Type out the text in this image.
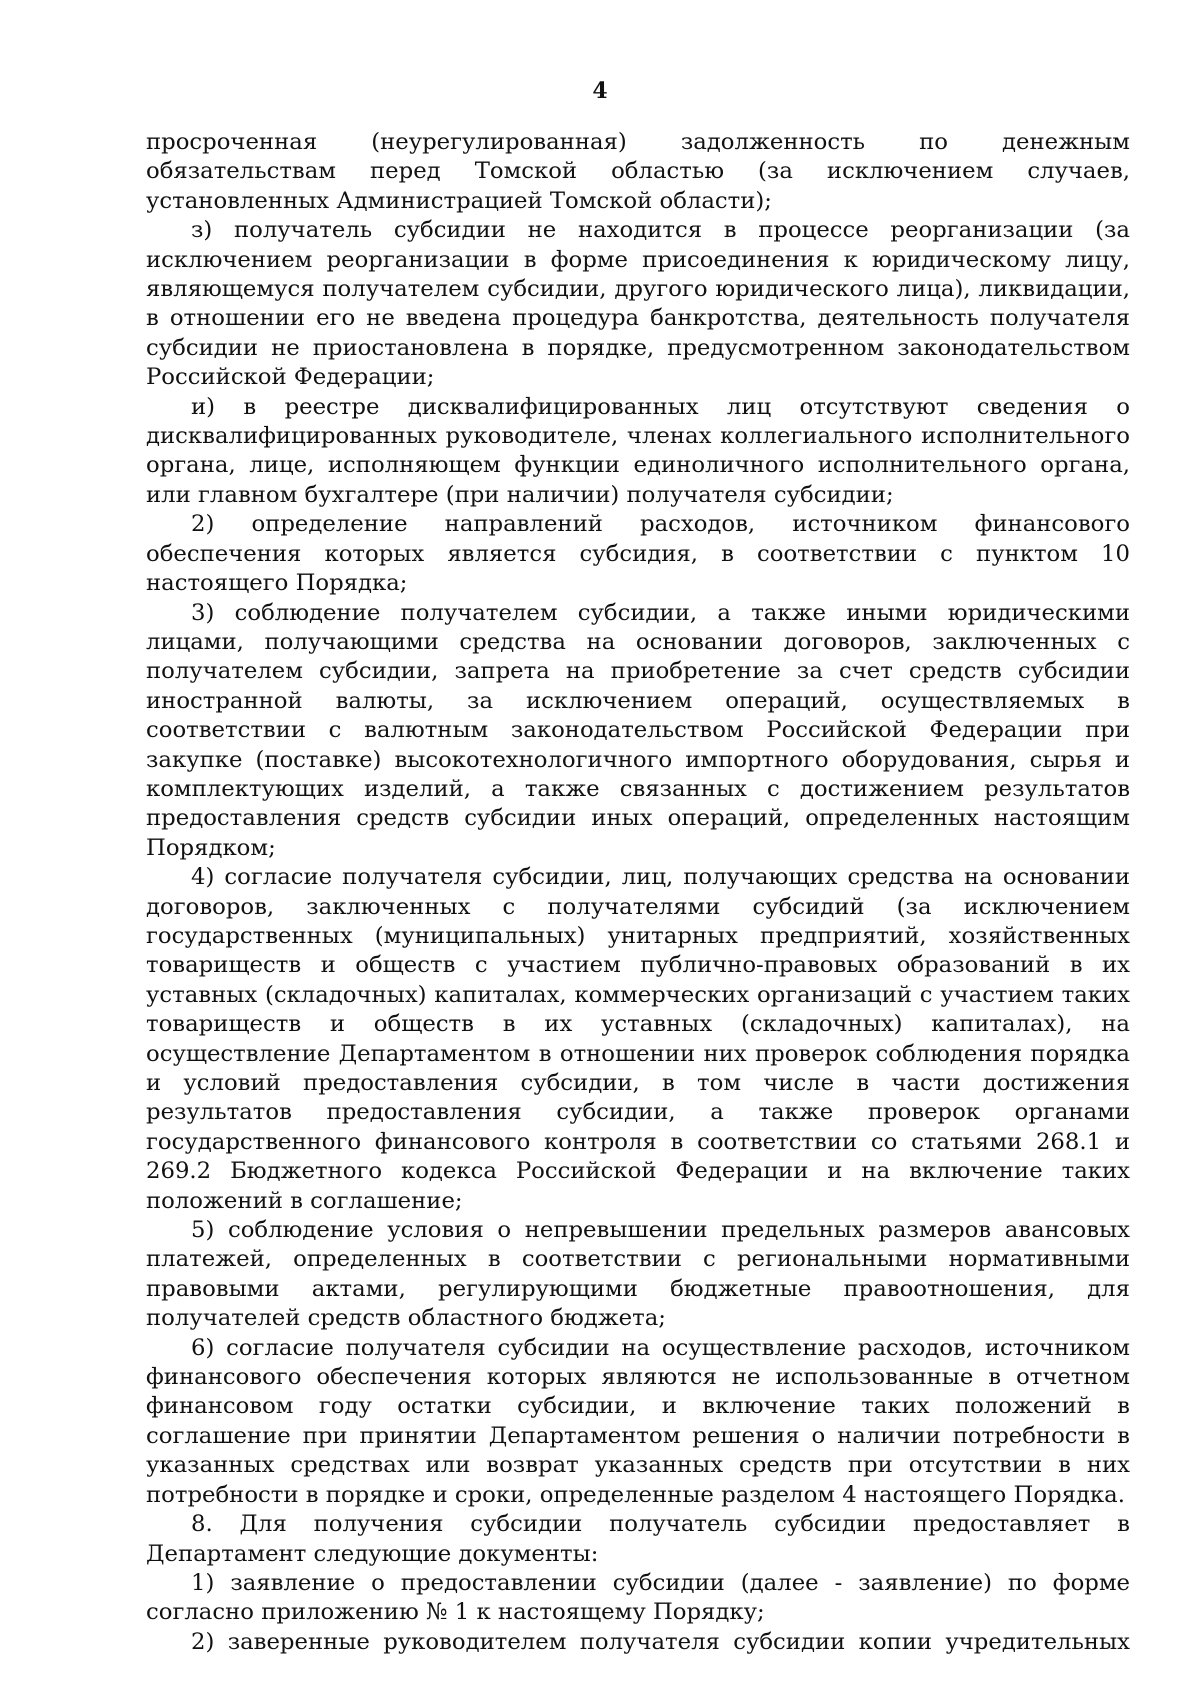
4

просроченная (неурегулированная) задолженность по денежным обязательствам перед Томской областью (за исключением случаев, установленных Администрацией Томской области);

з) получатель субсидии не находится в процессе реорганизации (за исключением реорганизации в форме присоединения к юридическому лицу, являющемуся получателем субсидии, другого юридического лица), ликвидации, в отношении его не введена процедура банкротства, деятельность получателя субсидии не приостановлена в порядке, предусмотренном законодательством Российской Федерации;

и) в реестре дисквалифицированных лиц отсутствуют сведения о дисквалифицированных руководителе, членах коллегиального исполнительного органа, лице, исполняющем функции единоличного исполнительного органа, или главном бухгалтере (при наличии) получателя субсидии;

2) определение направлений расходов, источником финансового обеспечения которых является субсидия, в соответствии с пунктом 10 настоящего Порядка;

3) соблюдение получателем субсидии, а также иными юридическими лицами, получающими средства на основании договоров, заключенных с получателем субсидии, запрета на приобретение за счет средств субсидии иностранной валюты, за исключением операций, осуществляемых в соответствии с валютным законодательством Российской Федерации при закупке (поставке) высокотехнологичного импортного оборудования, сырья и комплектующих изделий, а также связанных с достижением результатов предоставления средств субсидии иных операций, определенных настоящим Порядком;

4) согласие получателя субсидии, лиц, получающих средства на основании договоров, заключенных с получателями субсидий (за исключением государственных (муниципальных) унитарных предприятий, хозяйственных товариществ и обществ с участием публично-правовых образований в их уставных (складочных) капиталах, коммерческих организаций с участием таких товариществ и обществ в их уставных (складочных) капиталах), на осуществление Департаментом в отношении них проверок соблюдения порядка и условий предоставления субсидии, в том числе в части достижения результатов предоставления субсидии, а также проверок органами государственного финансового контроля в соответствии со статьями 268.1 и 269.2 Бюджетного кодекса Российской Федерации и на включение таких положений в соглашение;

5) соблюдение условия о непревышении предельных размеров авансовых платежей, определенных в соответствии с региональными нормативными правовыми актами, регулирующими бюджетные правоотношения, для получателей средств областного бюджета;

6) согласие получателя субсидии на осуществление расходов, источником финансового обеспечения которых являются не использованные в отчетном финансовом году остатки субсидии, и включение таких положений в соглашение при принятии Департаментом решения о наличии потребности в указанных средствах или возврат указанных средств при отсутствии в них потребности в порядке и сроки, определенные разделом 4 настоящего Порядка.

8. Для получения субсидии получатель субсидии предоставляет в Департамент следующие документы:

1) заявление о предоставлении субсидии (далее - заявление) по форме согласно приложению № 1 к настоящему Порядку;

2) заверенные руководителем получателя субсидии копии учредительных
